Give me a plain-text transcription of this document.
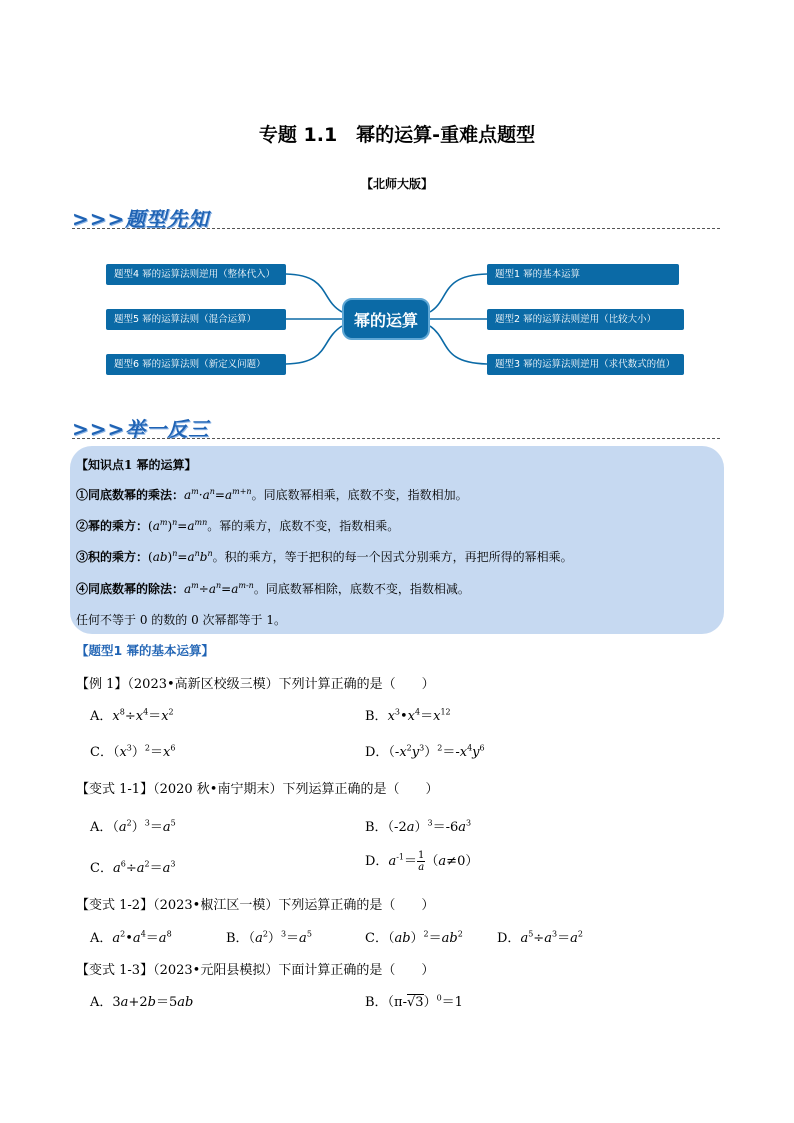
专题 1.1　幂的运算-重难点题型
【北师大版】
>>>题型先知
题型4 幂的运算法则逆用（整体代入）
题型5 幂的运算法则（混合运算）
题型6 幂的运算法则（新定义问题）
幂的运算
题型1 幂的基本运算
题型2 幂的运算法则逆用（比较大小）
题型3 幂的运算法则逆用（求代数式的值）
>>>举一反三
【知识点1 幂的运算】
①同底数幂的乘法：$a^m\cdot a^n=a^{m+n}$。同底数幂相乘，底数不变，指数相加。
②幂的乘方：$(a^m)^n=a^{mn}$。幂的乘方，底数不变，指数相乘。
③积的乘方：$(ab)^n=a^nb^n$。积的乘方，等于把积的每一个因式分别乘方，再把所得的幂相乘。
④同底数幂的除法：$a^m\div a^n=a^{m-n}$。同底数幂相除，底数不变，指数相减。
任何不等于 0 的数的 0 次幂都等于 1。
【题型1 幂的基本运算】
【例 1】（2023•高新区校级三模）下列计算正确的是（　　）
A．$x^8\div x^4=x^2$	B．$x^3•x^4=x^{12}$
C．$(x^3)^2=x^6$	D．$(-x^2y^3)^2=-x^4y^6$
【变式 1-1】（2020 秋•南宁期末）下列运算正确的是（　　）
A．$(a^2)^3=a^5$	B．$(-2a)^3=-6a^3$
C．$a^6\div a^2=a^3$	D．$a^{-1}= \frac{1}{a} (a\ne 0)$
【变式 1-2】（2023•椒江区一模）下列运算正确的是（　　）
A．$a^2•a^4=a^8$	B．$(a^2)^3=a^5$	C．$(ab)^2=ab^2$	D．$a^5\div a^3=a^2$
【变式 1-3】（2023•元阳县模拟）下面计算正确的是（　　）
A．3a+2b＝5ab	B．$(\pi-√3)^0=1$
